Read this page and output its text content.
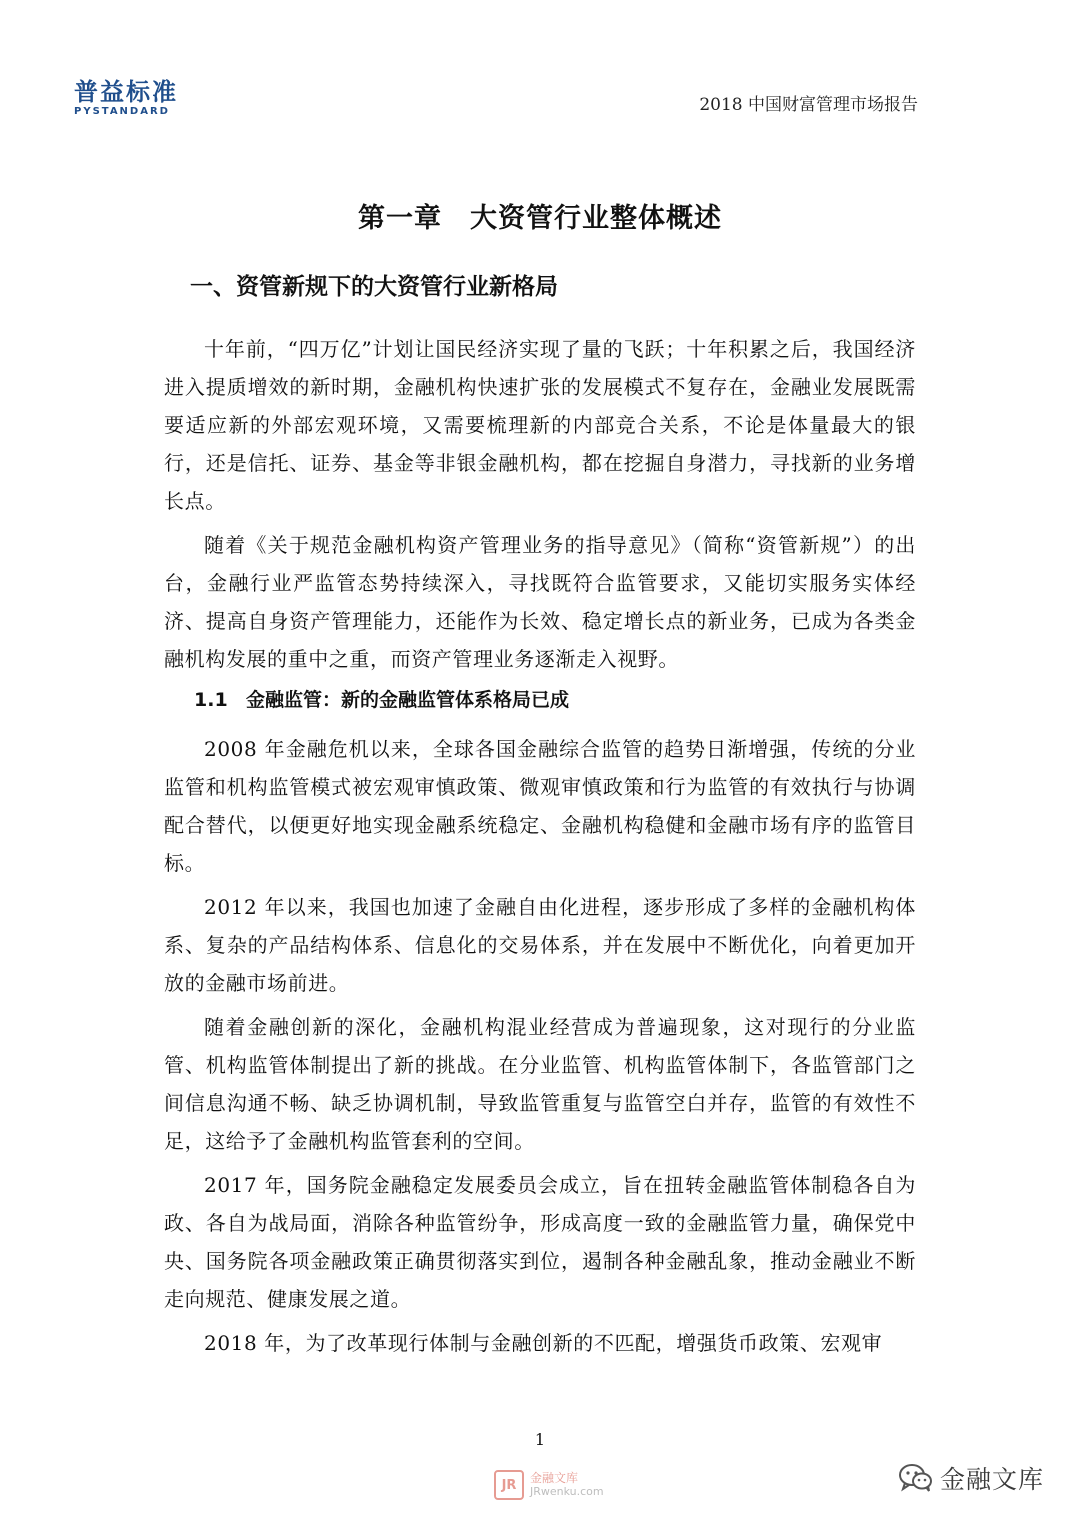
普益标准
PYSTANDARD	2018 中国财富管理市场报告
第一章　大资管行业整体概述
一、资管新规下的大资管行业新格局
十年前，“四万亿”计划让国民经济实现了量的飞跃；十年积累之后，我国经济进入提质增效的新时期，金融机构快速扩张的发展模式不复存在，金融业发展既需要适应新的外部宏观环境，又需要梳理新的内部竞合关系，不论是体量最大的银行，还是信托、证券、基金等非银金融机构，都在挖掘自身潜力，寻找新的业务增长点。
随着《关于规范金融机构资产管理业务的指导意见》（简称“资管新规”）的出台，金融行业严监管态势持续深入，寻找既符合监管要求，又能切实服务实体经济、提高自身资产管理能力，还能作为长效、稳定增长点的新业务，已成为各类金融机构发展的重中之重，而资产管理业务逐渐走入视野。
1.1 金融监管：新的金融监管体系格局已成
2008 年金融危机以来，全球各国金融综合监管的趋势日渐增强，传统的分业监管和机构监管模式被宏观审慎政策、微观审慎政策和行为监管的有效执行与协调配合替代，以便更好地实现金融系统稳定、金融机构稳健和金融市场有序的监管目标。
2012 年以来，我国也加速了金融自由化进程，逐步形成了多样的金融机构体系、复杂的产品结构体系、信息化的交易体系，并在发展中不断优化，向着更加开放的金融市场前进。
随着金融创新的深化，金融机构混业经营成为普遍现象，这对现行的分业监管、机构监管体制提出了新的挑战。在分业监管、机构监管体制下，各监管部门之间信息沟通不畅、缺乏协调机制，导致监管重复与监管空白并存，监管的有效性不足，这给予了金融机构监管套利的空间。
2017 年，国务院金融稳定发展委员会成立，旨在扭转金融监管体制稳各自为政、各自为战局面，消除各种监管纷争，形成高度一致的金融监管力量，确保党中央、国务院各项金融政策正确贯彻落实到位，遏制各种金融乱象，推动金融业不断走向规范、健康发展之道。
2018 年，为了改革现行体制与金融创新的不匹配，增强货币政策、宏观审
1
JR	金融文库
JRwenku.com	金融文库
